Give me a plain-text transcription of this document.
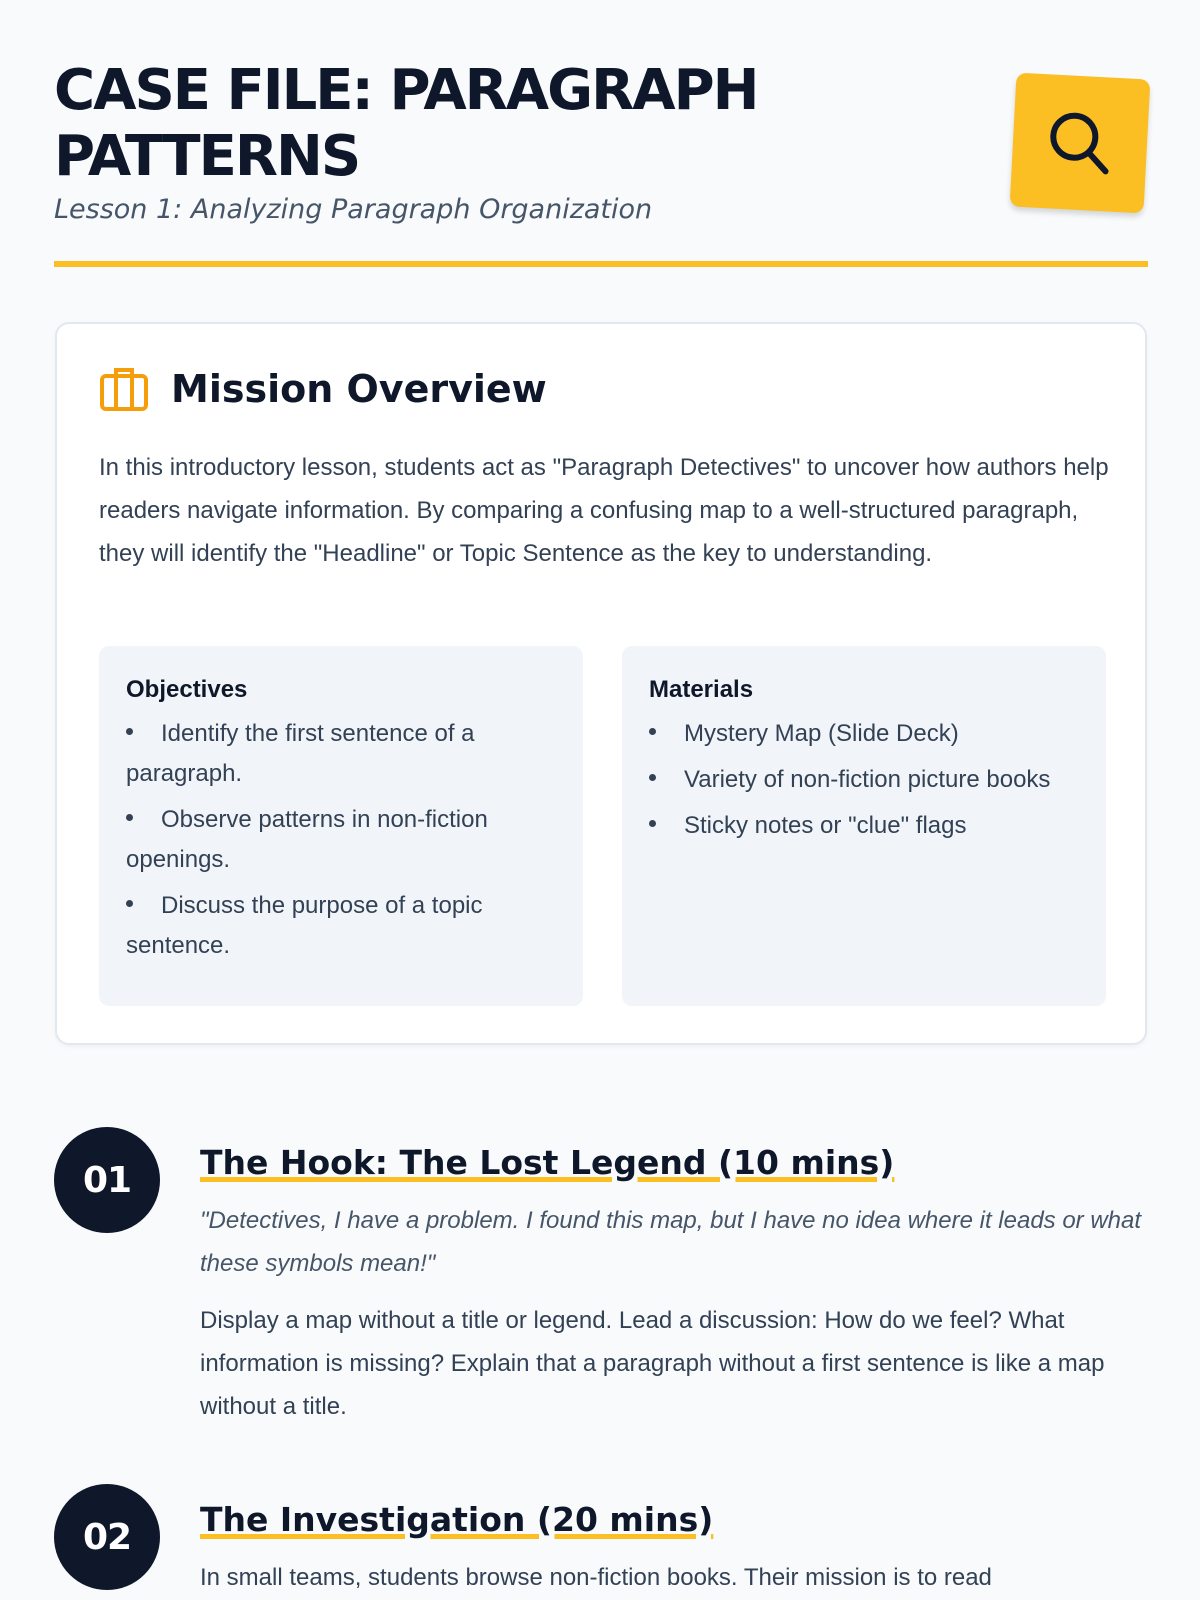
CASE FILE: PARAGRAPH PATTERNS
Lesson 1: Analyzing Paragraph Organization
Mission Overview

In this introductory lesson, students act as "Paragraph Detectives" to uncover how authors help readers navigate information. By comparing a confusing map to a well-structured paragraph, they will identify the "Headline" or Topic Sentence as the key to understanding.

Objectives
Identify the first sentence of a paragraph.
Observe patterns in non-fiction openings.
Discuss the purpose of a topic sentence.
Materials
Mystery Map (Slide Deck)
Variety of non-fiction picture books
Sticky notes or "clue" flags
01	The Hook: The Lost Legend (10 mins)

"Detectives, I have a problem. I found this map, but I have no idea where it leads or what these symbols mean!"

Display a map without a title or legend. Lead a discussion: How do we feel? What information is missing? Explain that a paragraph without a first sentence is like a map without a title.

02	The Investigation (20 mins)

In small teams, students browse non-fiction books. Their mission is to read
